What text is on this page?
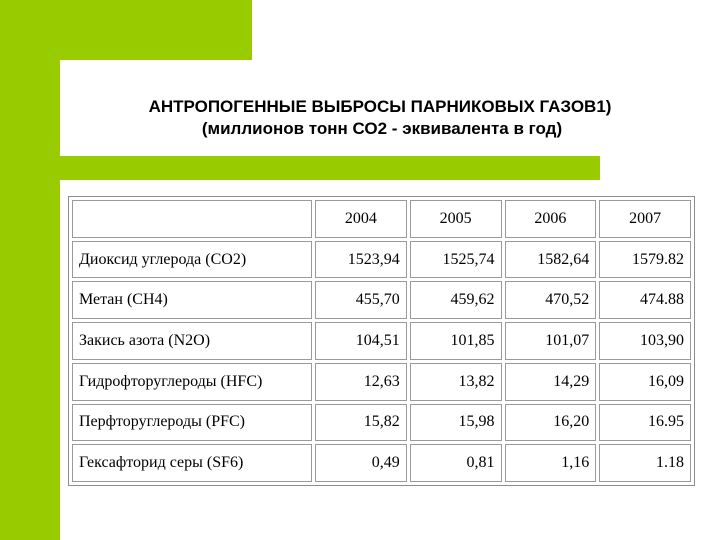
АНТРОПОГЕННЫЕ ВЫБРОСЫ ПАРНИКОВЫХ ГАЗОВ1)
(миллионов тонн СО2 - эквивалента в год)
	2004	2005	2006	2007
Диоксид углерода (СО2)	1523,94	1525,74	1582,64	1579.82
Метан (СН4)	455,70	459,62	470,52	474.88
Закись азота (N2O)	104,51	101,85	101,07	103,90
Гидрофторуглероды (HFC)	12,63	13,82	14,29	16,09
Перфторуглероды (PFC)	15,82	15,98	16,20	16.95
Гексафторид серы (SF6)	0,49	0,81	1,16	1.18
